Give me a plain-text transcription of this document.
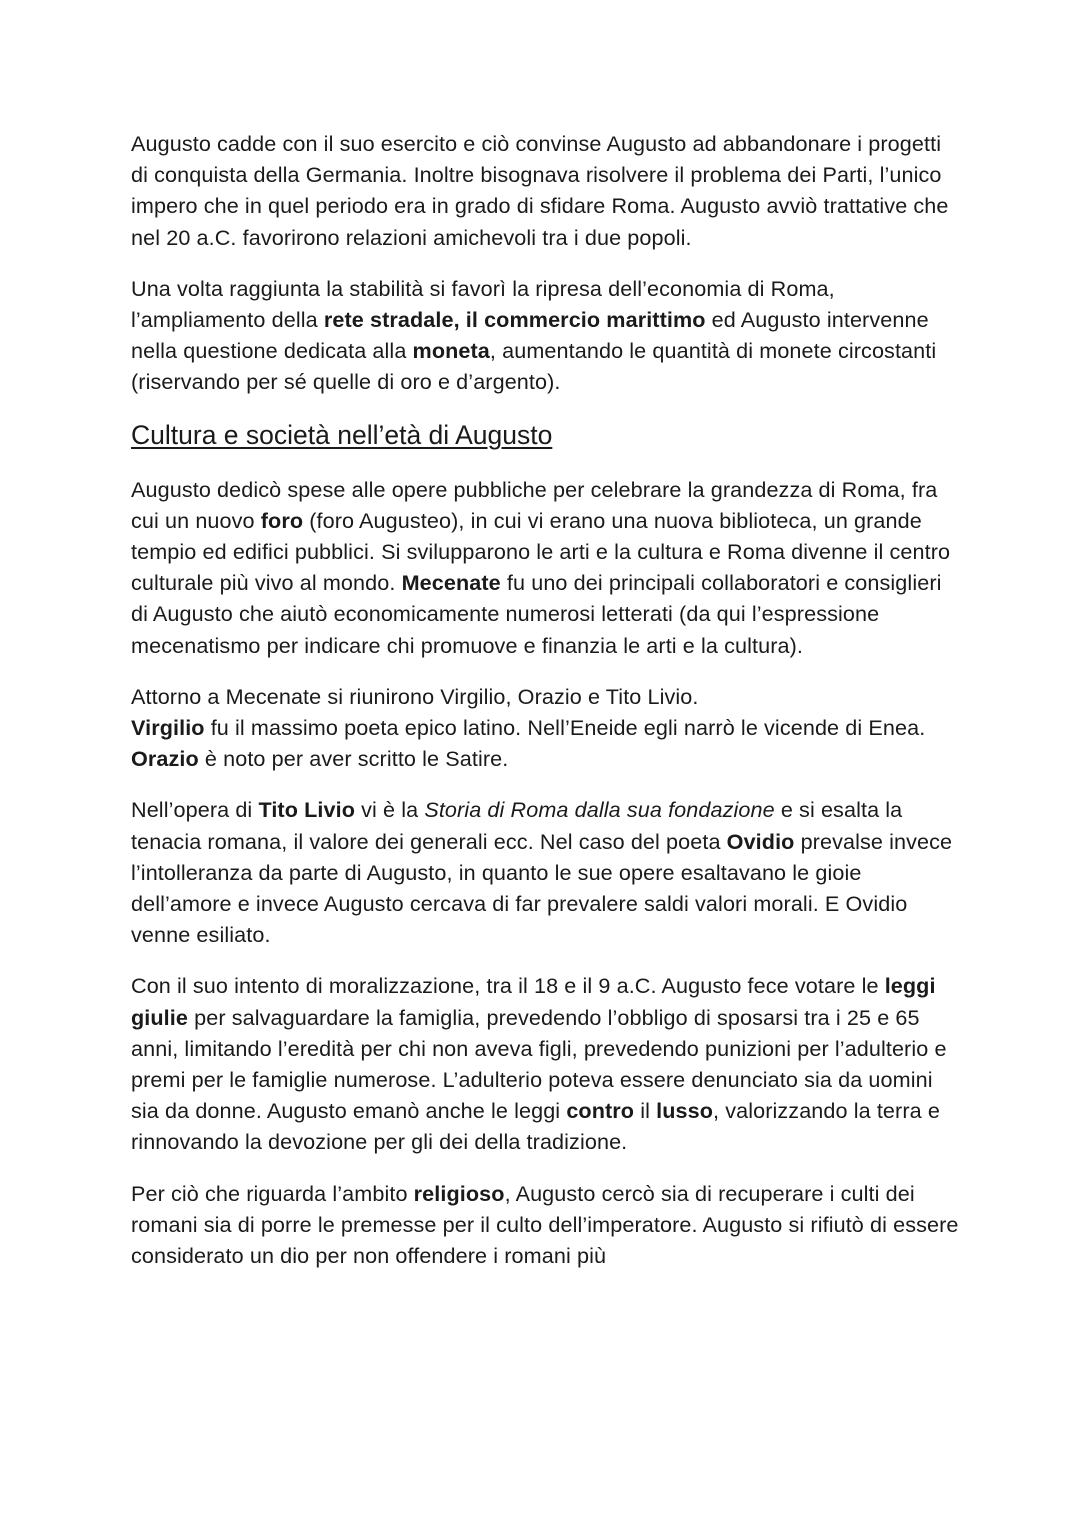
Augusto cadde con il suo esercito e ciò convinse Augusto ad abbandonare i progetti di conquista della Germania. Inoltre bisognava risolvere il problema dei Parti, l’unico impero che in quel periodo era in grado di sfidare Roma. Augusto avviò trattative che nel 20 a.C. favorirono relazioni amichevoli tra i due popoli.

Una volta raggiunta la stabilità si favorì la ripresa dell’economia di Roma, l’ampliamento della rete stradale, il commercio marittimo ed Augusto intervenne nella questione dedicata alla moneta, aumentando le quantità di monete circostanti (riservando per sé quelle di oro e d’argento).

Cultura e società nell’età di Augusto

Augusto dedicò spese alle opere pubbliche per celebrare la grandezza di Roma, fra cui un nuovo foro (foro Augusteo), in cui vi erano una nuova biblioteca, un grande tempio ed edifici pubblici. Si svilupparono le arti e la cultura e Roma divenne il centro culturale più vivo al mondo. Mecenate fu uno dei principali collaboratori e consiglieri di Augusto che aiutò economicamente numerosi letterati (da qui l’espressione mecenatismo per indicare chi promuove e finanzia le arti e la cultura).

Attorno a Mecenate si riunirono Virgilio, Orazio e Tito Livio.

Virgilio fu il massimo poeta epico latino. Nell’Eneide egli narrò le vicende di Enea. Orazio è noto per aver scritto le Satire.

Nell’opera di Tito Livio vi è la Storia di Roma dalla sua fondazione e si esalta la tenacia romana, il valore dei generali ecc. Nel caso del poeta Ovidio prevalse invece l’intolleranza da parte di Augusto, in quanto le sue opere esaltavano le gioie dell’amore e invece Augusto cercava di far prevalere saldi valori morali. E Ovidio venne esiliato.

Con il suo intento di moralizzazione, tra il 18 e il 9 a.C. Augusto fece votare le leggi giulie per salvaguardare la famiglia, prevedendo l’obbligo di sposarsi tra i 25 e 65 anni, limitando l’eredità per chi non aveva figli, prevedendo punizioni per l’adulterio e premi per le famiglie numerose. L’adulterio poteva essere denunciato sia da uomini sia da donne. Augusto emanò anche le leggi contro il lusso, valorizzando la terra e rinnovando la devozione per gli dei della tradizione.

Per ciò che riguarda l’ambito religioso, Augusto cercò sia di recuperare i culti dei romani sia di porre le premesse per il culto dell’imperatore. Augusto si rifiutò di essere considerato un dio per non offendere i romani più
